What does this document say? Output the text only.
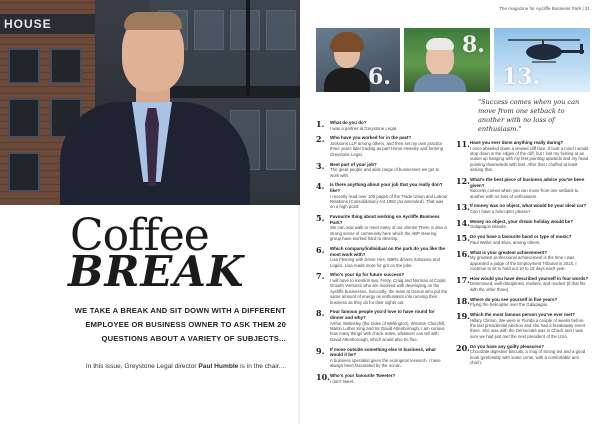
HOUSE
Coffee
BREAK
WE TAKE A BREAK AND SIT DOWN WITH A DIFFERENT EMPLOYEE OR BUSINESS OWNER TO ASK THEM 20 QUESTIONS ABOUT A VARIETY OF SUBJECTS...
In this issue, Greystone Legal director Paul Humble is in the chair....
The magazine for Aycliffe Business Park | 31
6.
8.
13.
"Success comes when you can move from one setback to another with no loss of enthusiasm."
1. What do you do?
I was a partner at Greystone Legal.
2. Who have you worked for in the past?
Jacksons LLP among others, and then set my own practice three years later trading as part Home Heseley and forming Greystone Legal.
3. Best part of your job?
The great people and wide range of businesses we get to work with.
4. Is there anything about your job that you really don't like?
I recently read over 100 pages of the Trade Union and Labour Relations (Consolidation) Act 1992 (as amended). That was on a high point.
5. Favourite thing about working on Aycliffe Business Park?
We can now walk to meet many of our clients! There is also a strong sense of community here which the ABP steering group have worked hard to develop.
6. Which company/individual on the park do you like the most work with?
Lisa Fleming with Driver Hire, NBRs drivers Solutions and Logics. Lisa reads more for grit on the jobs.
7. Who's your tip for future success?
I will have to mention two, Firsty, Craig and Norman at Coptic Growth Ventures who are involved with developing on the Aycliffe businesses. Secondly, the team at Genus who put the same amount of energy as enthusiasm into running their business as they do for their sights out.
8. Four famous people you'd love to have round for dinner and why?
Arthur Wellesley (the Duke of Wellington), Winston Churchill, Martin Luther King and Sir David Attenborough. I am curious how many things with check notes, whatever can tell with David Attenborough, which would also be fine.
9. If move outside something else in business, what would it be?
A business specialist given the ecological research. I have always been fascinated by the ocean.
10. Who's your favourite Tweeter?
I don't tweet.
11. Have you ever done anything really daring?
I once abseiled down a viewed cliff face. It took a mind I would stop down in the edges of the cliff, but I lost my footing at an outset up hanging with my feet pointing upwards and my head pointing downwards with feet. After that I chuffed at least sinking that.
12. What's the best piece of business advice you've been given?
Success comes when you can move from one setback to another with no loss of enthusiasm.
13. If money was no object, what would be your ideal car?
Can I have a helicopter please?
14. Money no object, your dream holiday would be?
Galapagos Islands.
15. Do you have a favourite band or type of music?
Paul Weller and Elvis, among others.
16. What is your greatest achievement?
My greatest professional achievement is the time I was appointed a judge of the Employment Tribunal in 2015. I continue to sit to hold out 10 to 15 days each year.
17. How would you have described yourself in four words?
Determined, well-disciplined, resilient, and modest (if that fits with the other three).
18. Where do you see yourself in five years?
Flying the helicopter over the Galapagos.
19. Which the most famous person you've ever met?
Hillary Clinton. We were in Florida a couple of weeks before the last presidential election and she had a breakaway event there. She was with the Democrats was in Chuck and I was sure we had just met the next president of the USA.
20. Do you have any guilty pleasures?
Chocolate digestive biscuits, a mug of strong tea and a good book (preferably with some crime, with a comfortable arm chair).
